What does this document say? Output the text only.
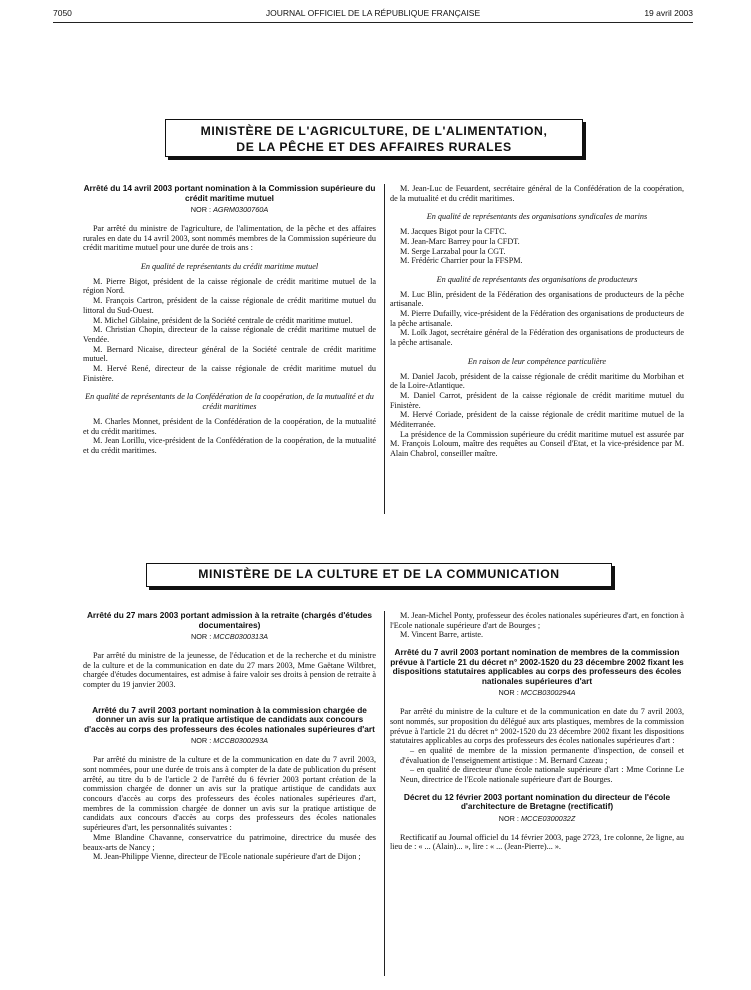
7050	JOURNAL OFFICIEL DE LA RÉPUBLIQUE FRANÇAISE	19 avril 2003
MINISTÈRE DE L'AGRICULTURE, DE L'ALIMENTATION,
DE LA PÊCHE ET DES AFFAIRES RURALES
Arrêté du 14 avril 2003 portant nomination à la Commission supérieure du crédit maritime mutuel
NOR : AGRM0300760A

Par arrêté du ministre de l'agriculture, de l'alimentation, de la pêche et des affaires rurales en date du 14 avril 2003, sont nommés membres de la Commission supérieure du crédit maritime mutuel pour une durée de trois ans :

En qualité de représentants du crédit maritime mutuel

M. Pierre Bigot, président de la caisse régionale de crédit maritime mutuel de la région Nord.

M. François Cartron, président de la caisse régionale de crédit maritime mutuel du littoral du Sud-Ouest.

M. Michel Giblaine, président de la Société centrale de crédit maritime mutuel.

M. Christian Chopin, directeur de la caisse régionale de crédit maritime mutuel de Vendée.

M. Bernard Nicaise, directeur général de la Société centrale de crédit maritime mutuel.

M. Hervé René, directeur de la caisse régionale de crédit maritime mutuel du Finistère.

En qualité de représentants de la Confédération de la coopération, de la mutualité et du crédit maritimes

M. Charles Monnet, président de la Confédération de la coopération, de la mutualité et du crédit maritimes.

M. Jean Lorillu, vice-président de la Confédération de la coopération, de la mutualité et du crédit maritimes.

M. Jean-Luc de Feuardent, secrétaire général de la Confédération de la coopération, de la mutualité et du crédit maritimes.

En qualité de représentants des organisations syndicales de marins

M. Jacques Bigot pour la CFTC.

M. Jean-Marc Barrey pour la CFDT.

M. Serge Larzabal pour la CGT.

M. Frédéric Charrier pour la FFSPM.

En qualité de représentants des organisations de producteurs

M. Luc Blin, président de la Fédération des organisations de producteurs de la pêche artisanale.

M. Pierre Dufailly, vice-président de la Fédération des organisations de producteurs de la pêche artisanale.

M. Loïk Jagot, secrétaire général de la Fédération des organisations de producteurs de la pêche artisanale.

En raison de leur compétence particulière

M. Daniel Jacob, président de la caisse régionale de crédit maritime du Morbihan et de la Loire-Atlantique.

M. Daniel Carrot, président de la caisse régionale de crédit maritime mutuel du Finistère.

M. Hervé Coriade, président de la caisse régionale de crédit maritime mutuel de la Méditerranée.

La présidence de la Commission supérieure du crédit maritime mutuel est assurée par M. François Loloum, maître des requêtes au Conseil d'Etat, et la vice-présidence par M. Alain Chabrol, conseiller maître.

MINISTÈRE DE LA CULTURE ET DE LA COMMUNICATION
Arrêté du 27 mars 2003 portant admission à la retraite (chargés d'études documentaires)
NOR : MCCB0300313A

Par arrêté du ministre de la jeunesse, de l'éducation et de la recherche et du ministre de la culture et de la communication en date du 27 mars 2003, Mme Gaëtane Wiltbret, chargée d'études documentaires, est admise à faire valoir ses droits à pension de retraite à compter du 19 janvier 2003.

Arrêté du 7 avril 2003 portant nomination à la commission chargée de donner un avis sur la pratique artistique de candidats aux concours d'accès au corps des professeurs des écoles nationales supérieures d'art
NOR : MCCB0300293A

Par arrêté du ministre de la culture et de la communication en date du 7 avril 2003, sont nommées, pour une durée de trois ans à compter de la date de publication du présent arrêté, au titre du b de l'article 2 de l'arrêté du 6 février 2003 portant création de la commission chargée de donner un avis sur la pratique artistique de candidats aux concours d'accès au corps des professeurs des écoles nationales supérieures d'art, membres de la commission chargée de donner un avis sur la pratique artistique de candidats aux concours d'accès au corps des professeurs des écoles nationales supérieures d'art, les personnalités suivantes :

Mme Blandine Chavanne, conservatrice du patrimoine, directrice du musée des beaux-arts de Nancy ;

M. Jean-Philippe Vienne, directeur de l'Ecole nationale supérieure d'art de Dijon ;

M. Jean-Michel Ponty, professeur des écoles nationales supérieures d'art, en fonction à l'Ecole nationale supérieure d'art de Bourges ;

M. Vincent Barre, artiste.

Arrêté du 7 avril 2003 portant nomination de membres de la commission prévue à l'article 21 du décret n° 2002-1520 du 23 décembre 2002 fixant les dispositions statutaires applicables au corps des professeurs des écoles nationales supérieures d'art
NOR : MCCB0300294A

Par arrêté du ministre de la culture et de la communication en date du 7 avril 2003, sont nommés, sur proposition du délégué aux arts plastiques, membres de la commission prévue à l'article 21 du décret n° 2002-1520 du 23 décembre 2002 fixant les dispositions statutaires applicables au corps des professeurs des écoles nationales supérieures d'art :

– en qualité de membre de la mission permanente d'inspection, de conseil et d'évaluation de l'enseignement artistique : M. Bernard Cazeau ;

– en qualité de directeur d'une école nationale supérieure d'art : Mme Corinne Le Neun, directrice de l'Ecole nationale supérieure d'art de Bourges.

Décret du 12 février 2003 portant nomination du directeur de l'école d'architecture de Bretagne (rectificatif)
NOR : MCCE0300032Z

Rectificatif au Journal officiel du 14 février 2003, page 2723, 1re colonne, 2e ligne, au lieu de : « ... (Alain)... », lire : « ... (Jean-Pierre)... ».
